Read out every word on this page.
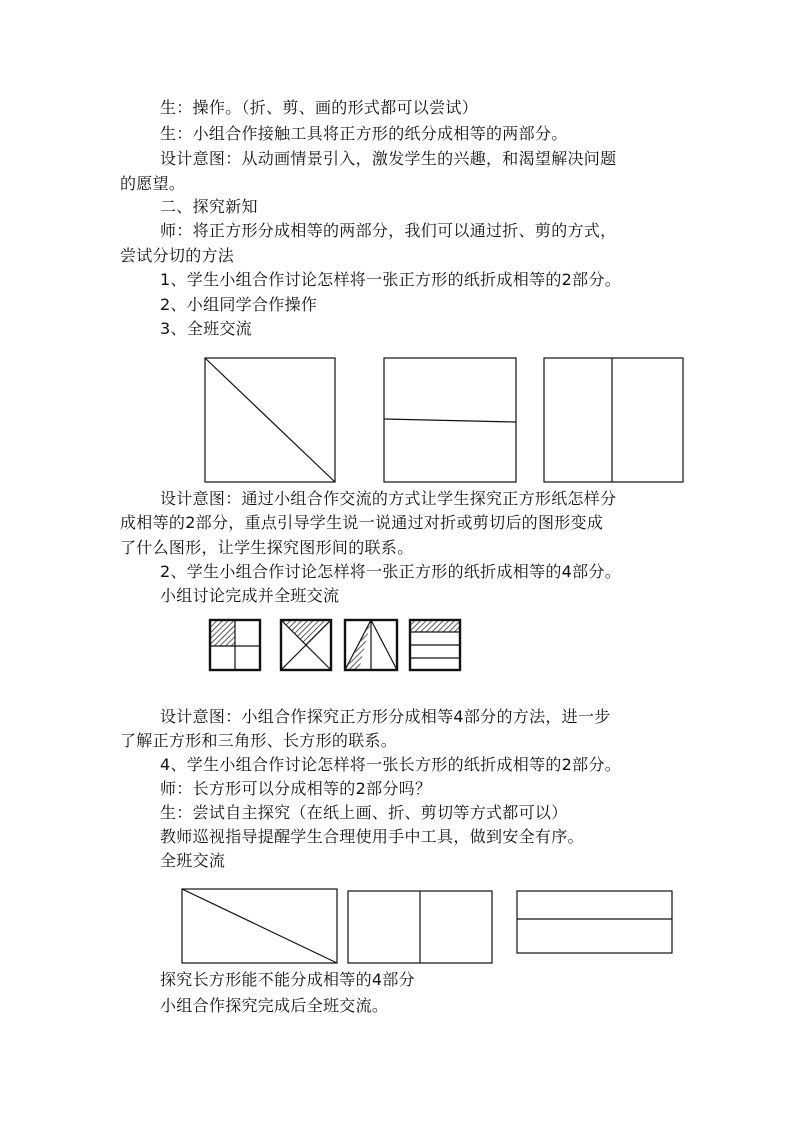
生：操作。（折、剪、画的形式都可以尝试）
生：小组合作接触工具将正方形的纸分成相等的两部分。
设计意图：从动画情景引入，激发学生的兴趣，和渴望解决问题
的愿望。
二、探究新知
师：将正方形分成相等的两部分，我们可以通过折、剪的方式，
尝试分切的方法
1、学生小组合作讨论怎样将一张正方形的纸折成相等的2部分。
2、小组同学合作操作
3、全班交流
设计意图：通过小组合作交流的方式让学生探究正方形纸怎样分
成相等的2部分，重点引导学生说一说通过对折或剪切后的图形变成
了什么图形，让学生探究图形间的联系。
2、学生小组合作讨论怎样将一张正方形的纸折成相等的4部分。
小组讨论完成并全班交流
设计意图：小组合作探究正方形分成相等4部分的方法，进一步
了解正方形和三角形、长方形的联系。
4、学生小组合作讨论怎样将一张长方形的纸折成相等的2部分。
师：长方形可以分成相等的2部分吗？
生：尝试自主探究（在纸上画、折、剪切等方式都可以）
教师巡视指导提醒学生合理使用手中工具，做到安全有序。
全班交流
探究长方形能不能分成相等的4部分
小组合作探究完成后全班交流。
